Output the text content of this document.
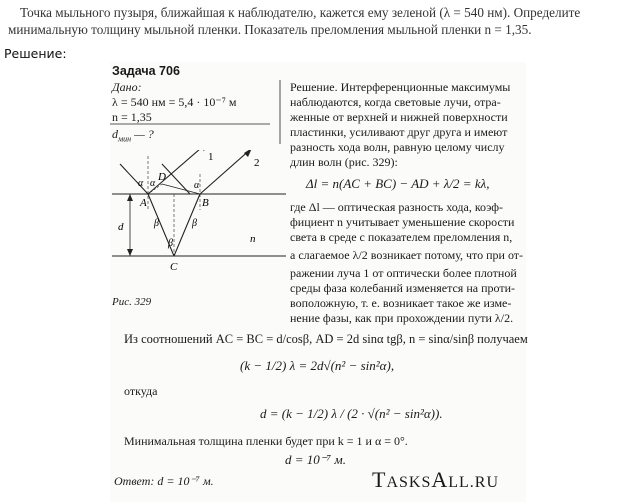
Точка мыльного пузыря, ближайшая к наблюдателю, кажется ему зеленой (λ = 540 нм). Определите минимальную толщину мыльной пленки. Показатель преломления мыльной пленки n = 1,35.
Решение:
Задача 706
Дано:
λ = 540 нм = 5,4 · 10⁻⁷ м
n = 1,35
$d_{мин}$ — ?
1	2
D
A	B
C
α α	α
β
β
β
d
n
Рис. 329
Решение. Интерференционные максимумы
наблюдаются, когда световые лучи, отра-
женные от верхней и нижней поверхности
пластинки, усиливают друг друга и имеют
разность хода волн, равную целому числу
длин волн (рис. 329):
Δl = n(AC + BC) − AD + λ/2 = kλ,
где Δl — оптическая разность хода, коэф-
фициент n учитывает уменьшение скорости
света в среде с показателем преломления n,
а слагаемое λ/2 возникает потому, что при от-
ражении луча 1 от оптически более плотной
среды фаза колебаний изменяется на проти-
воположную, т. е. возникает такое же изме-
нение фазы, как при прохождении пути λ/2.
Из соотношений AC = BC = d/cosβ, AD = 2d sinα tgβ, n = sinα/sinβ получаем
(k − 1/2) λ = 2d√(n² − sin²α),
откуда
d = (k − 1/2) λ / (2 · √(n² − sin²α)).
Минимальная толщина пленки будет при k = 1 и α = 0°.
d = 10⁻⁷ м.
Ответ: d = 10⁻⁷ м.	TASKSALL.RU
